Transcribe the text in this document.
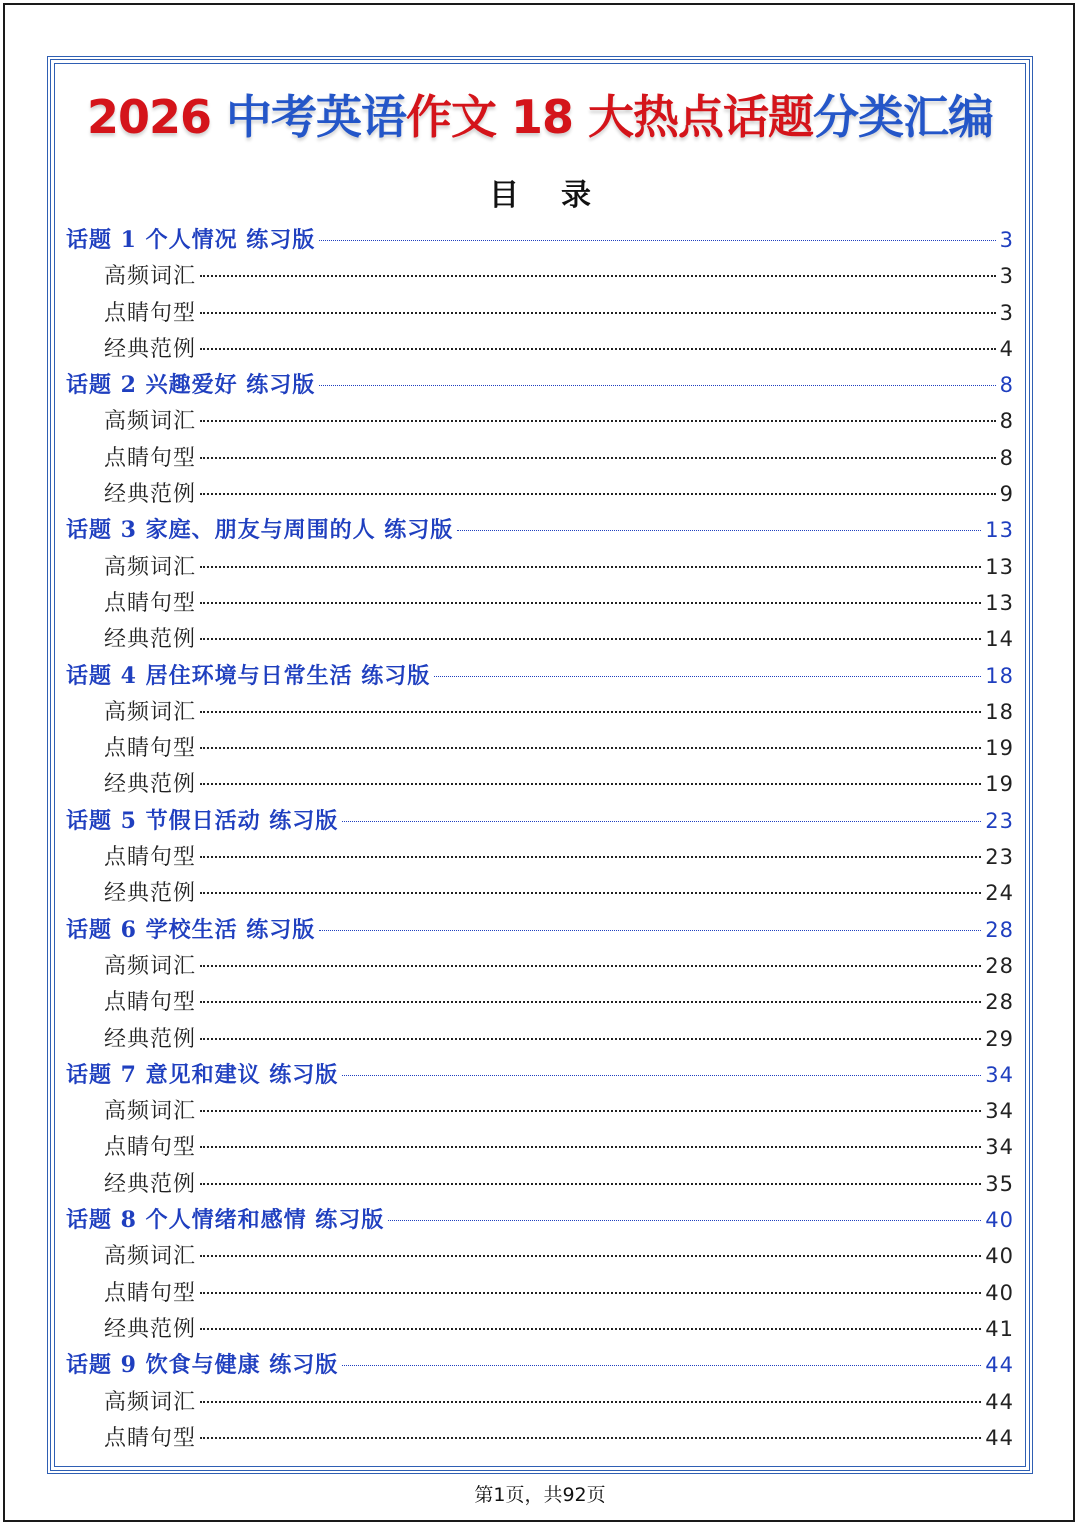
2026 中考英语作文 18 大热点话题分类汇编
目录
话题 1 个人情况 练习版	3
高频词汇	3
点睛句型	3
经典范例	4
话题 2 兴趣爱好 练习版	8
高频词汇	8
点睛句型	8
经典范例	9
话题 3 家庭、朋友与周围的人 练习版	13
高频词汇	13
点睛句型	13
经典范例	14
话题 4 居住环境与日常生活 练习版	18
高频词汇	18
点睛句型	19
经典范例	19
话题 5 节假日活动 练习版	23
点睛句型	23
经典范例	24
话题 6 学校生活 练习版	28
高频词汇	28
点睛句型	28
经典范例	29
话题 7 意见和建议 练习版	34
高频词汇	34
点睛句型	34
经典范例	35
话题 8 个人情绪和感情 练习版	40
高频词汇	40
点睛句型	40
经典范例	41
话题 9 饮食与健康 练习版	44
高频词汇	44
点睛句型	44
第1页，共92页
